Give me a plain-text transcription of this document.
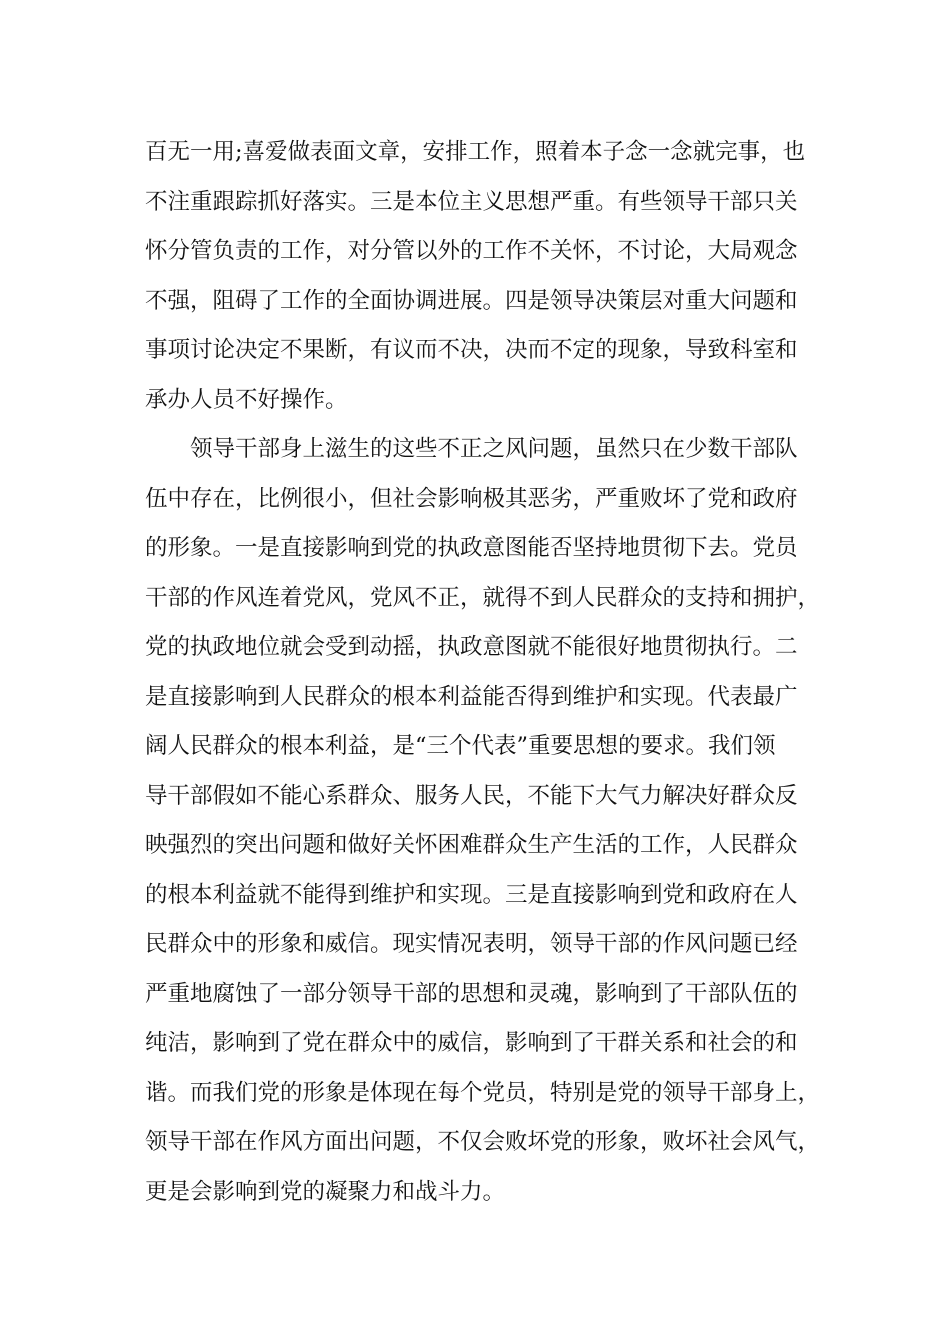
百无一用;喜爱做表面文章，安排工作，照着本子念一念就完事，也
不注重跟踪抓好落实。三是本位主义思想严重。有些领导干部只关
怀分管负责的工作，对分管以外的工作不关怀，不讨论，大局观念
不强，阻碍了工作的全面协调进展。四是领导决策层对重大问题和
事项讨论决定不果断，有议而不决，决而不定的现象，导致科室和
承办人员不好操作。
领导干部身上滋生的这些不正之风问题，虽然只在少数干部队
伍中存在，比例很小，但社会影响极其恶劣，严重败坏了党和政府
的形象。一是直接影响到党的执政意图能否坚持地贯彻下去。党员
干部的作风连着党风，党风不正，就得不到人民群众的支持和拥护，
党的执政地位就会受到动摇，执政意图就不能很好地贯彻执行。二
是直接影响到人民群众的根本利益能否得到维护和实现。代表最广
阔人民群众的根本利益，是“三个代表”重要思想的要求。我们领
导干部假如不能心系群众、服务人民，不能下大气力解决好群众反
映强烈的突出问题和做好关怀困难群众生产生活的工作，人民群众
的根本利益就不能得到维护和实现。三是直接影响到党和政府在人
民群众中的形象和威信。现实情况表明，领导干部的作风问题已经
严重地腐蚀了一部分领导干部的思想和灵魂，影响到了干部队伍的
纯洁，影响到了党在群众中的威信，影响到了干群关系和社会的和
谐。而我们党的形象是体现在每个党员，特别是党的领导干部身上，
领导干部在作风方面出问题，不仅会败坏党的形象，败坏社会风气，
更是会影响到党的凝聚力和战斗力。
